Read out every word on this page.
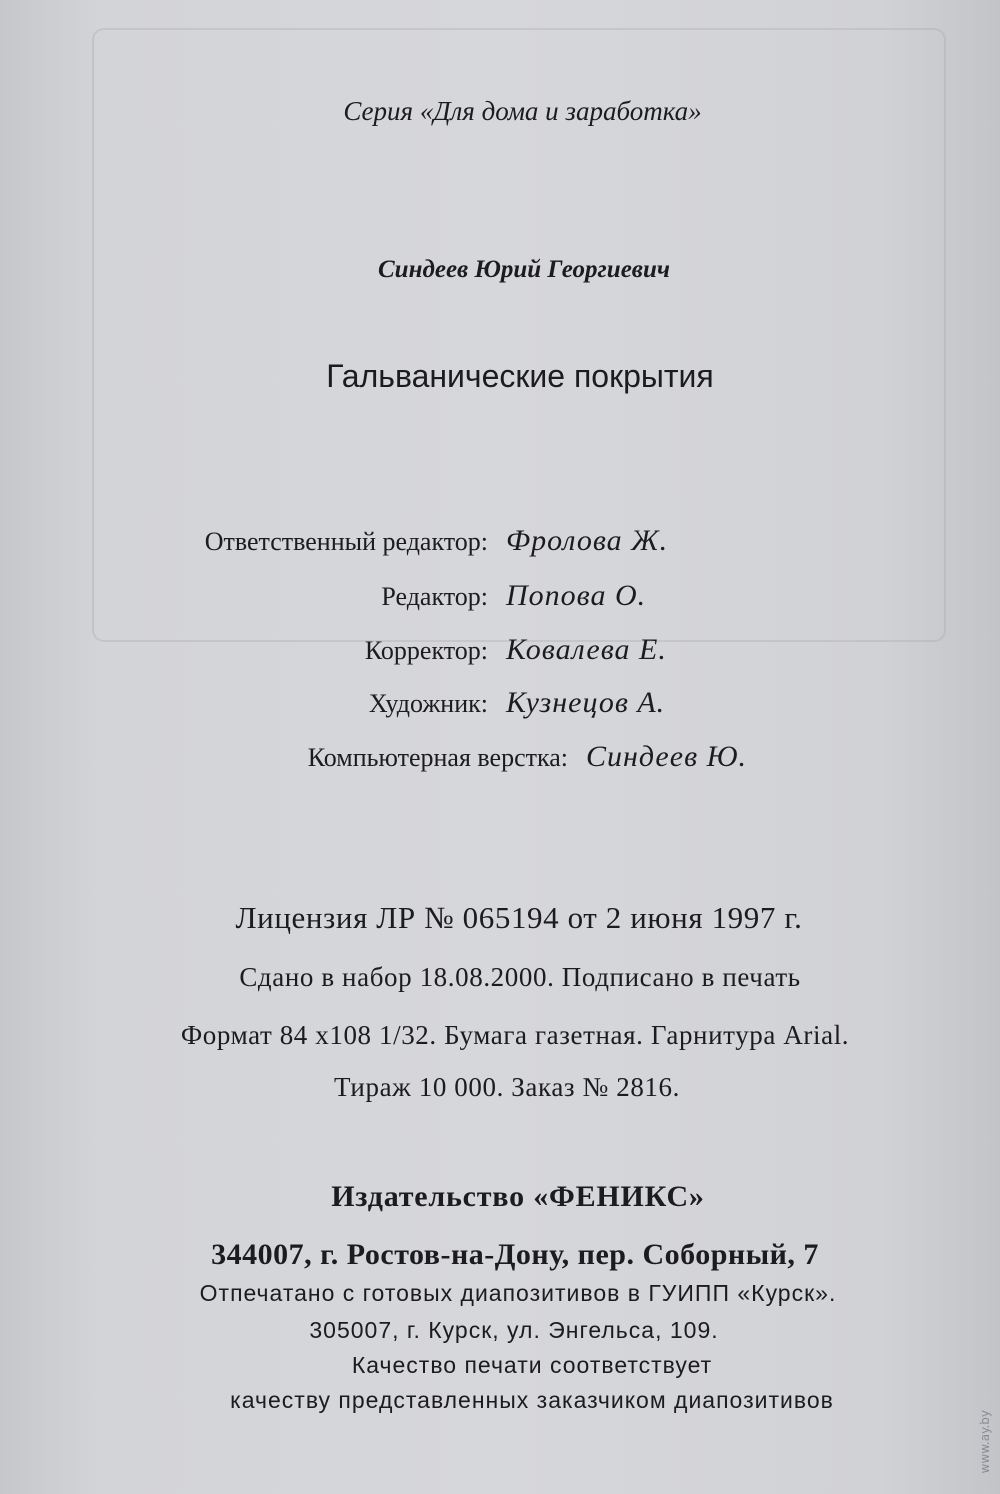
Серия «Для дома и заработка»
Синдеев Юрий Георгиевич
Гальванические покрытия
Ответственный редактор: Фролова Ж.
Редактор: Попова О.
Корректор: Ковалева Е.
Художник: Кузнецов А.
Компьютерная верстка: Синдеев Ю.
Лицензия ЛР № 065194 от 2 июня 1997 г.
Сдано в набор 18.08.2000. Подписано в печать
Формат 84 х108 1/32. Бумага газетная. Гарнитура Arial.
Тираж 10 000. Заказ № 2816.
Издательство «ФЕНИКС»
344007, г. Ростов-на-Дону, пер. Соборный, 7
Отпечатано с готовых диапозитивов в ГУИПП «Курск».
305007, г. Курск, ул. Энгельса, 109.
Качество печати соответствует
качеству представленных заказчиком диапозитивов
www.ay.by
